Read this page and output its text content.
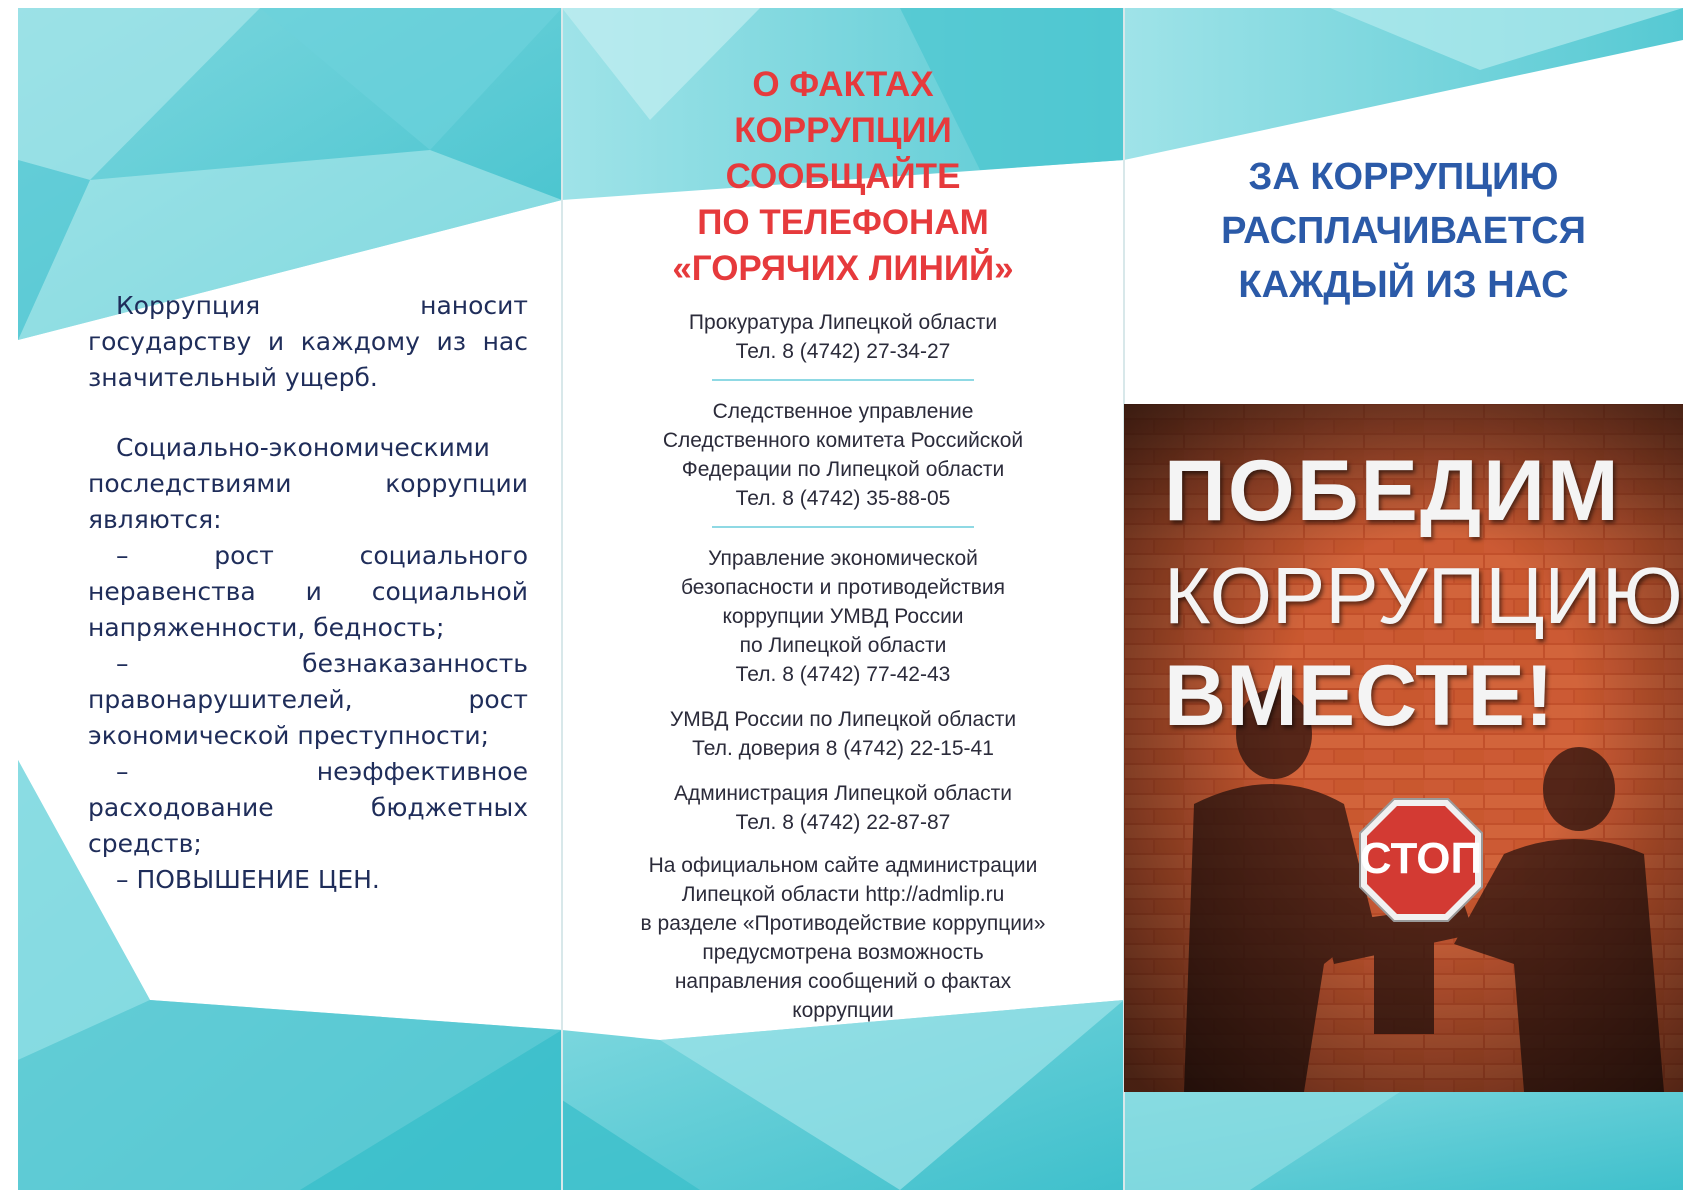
Коррупция наносит государству и каждому из нас значительный ущерб.

Социально-экономическими последствиями коррупции являются:

– рост социального неравенства и социальной напряженности, бедность;

– безнаказанность правонарушителей, рост экономической преступности;

– неэффективное расходование бюджетных средств;

– ПОВЫШЕНИЕ ЦЕН.

О ФАКТАХ
КОРРУПЦИИ
СООБЩАЙТЕ
ПО ТЕЛЕФОНАМ
«ГОРЯЧИХ ЛИНИЙ»
Прокуратура Липецкой области
Тел. 8 (4742) 27-34-27
Следственное управление
Следственного комитета Российской
Федерации по Липецкой области
Тел. 8 (4742) 35-88-05
Управление экономической
безопасности и противодействия
коррупции УМВД России
по Липецкой области
Тел. 8 (4742) 77-42-43
УМВД России по Липецкой области
Тел. доверия 8 (4742) 22-15-41
Администрация Липецкой области
Тел. 8 (4742) 22-87-87
На официальном сайте администрации
Липецкой области http://admlip.ru
в разделе «Противодействие коррупции»
предусмотрена возможность
направления сообщений о фактах
коррупции
ЗА КОРРУПЦИЮ
РАСПЛАЧИВАЕТСЯ
КАЖДЫЙ ИЗ НАС
ПОБЕДИМ
КОРРУПЦИЮ
ВМЕСТЕ!
СТОП
